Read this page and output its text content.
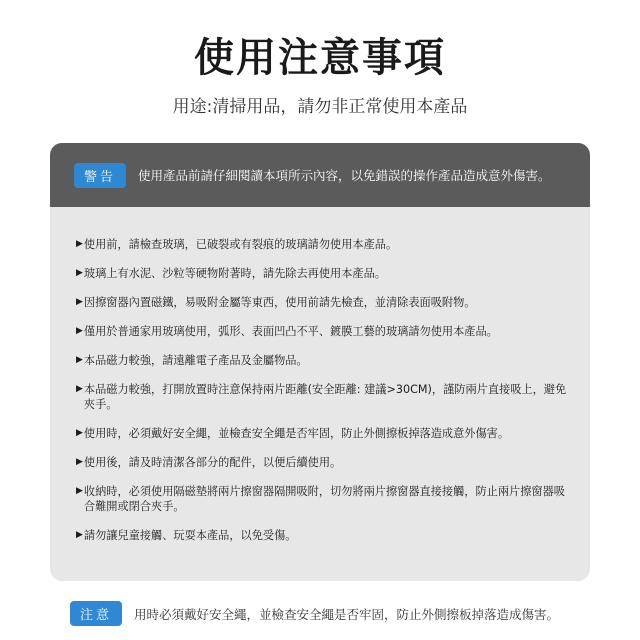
使用注意事項
用途:清掃用品，請勿非正常使用本產品
警告	使用產品前請仔細閱讀本項所示內容，以免錯誤的操作產品造成意外傷害。
▶ 使用前，請檢查玻璃，已破裂或有裂痕的玻璃請勿使用本產品。
▶ 玻璃上有水泥、沙粒等硬物附著時，請先除去再使用本產品。
▶ 因擦窗器內置磁鐵，易吸附金屬等東西，使用前請先檢查，並清除表面吸附物。
▶ 僅用於普通家用玻璃使用，弧形、表面凹凸不平、鍍膜工藝的玻璃請勿使用本產品。
▶ 本品磁力較強，請遠離電子產品及金屬物品。
▶ 本品磁力較強，打開放置時注意保持兩片距離(安全距離: 建議>30CM)，謹防兩片直接吸上，避免夾手。
▶ 使用時，必須戴好安全繩，並檢查安全繩是否牢固，防止外側擦板掉落造成意外傷害。
▶ 使用後，請及時清潔各部分的配件，以便后續使用。
▶ 收納時，必須使用隔磁墊將兩片擦窗器隔開吸附，切勿將兩片擦窗器直接接觸，防止兩片擦窗器吸合難開或閉合夾手。
▶ 請勿讓兒童接觸、玩耍本產品，以免受傷。
注意	用時必須戴好安全繩，並檢查安全繩是否牢固，防止外側擦板掉落造成傷害。
